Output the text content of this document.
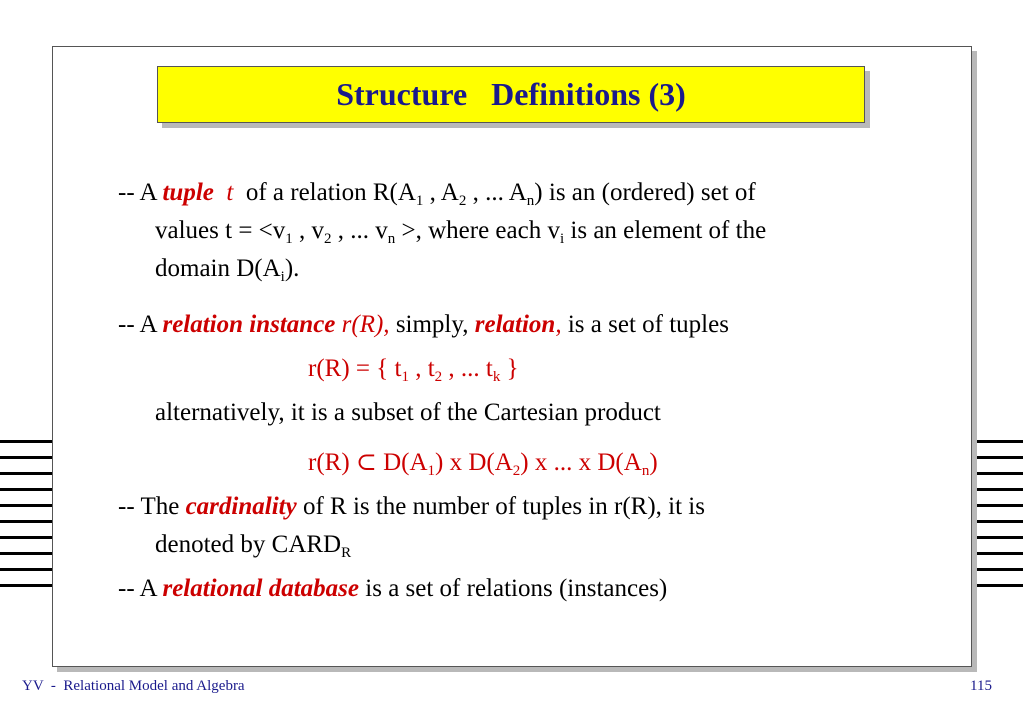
Structure   Definitions (3)
-- A tuple t  of a relation $R(A_1$ , $A_2$ , ... $A_n$) is an (ordered) set of
values $t = <v_1$ , $v_2$ , ... $v_n$ >, where each $v_i$ is an element of the
domain $D(A_i)$.
-- A relation instance r(R), simply, relation, is a set of tuples
r(R) = { $t_1$ , $t_2$ , ... $t_k$ }
alternatively, it is a subset of the Cartesian product
r(R) ⊂ $D(A_1)$ x $D(A_2)$ x ... x $D(A_n)$
-- The cardinality of R is the number of tuples in r(R), it is
denoted by $CARD_R$
-- A relational database is a set of relations (instances)
YV  -  Relational Model and Algebra	115
